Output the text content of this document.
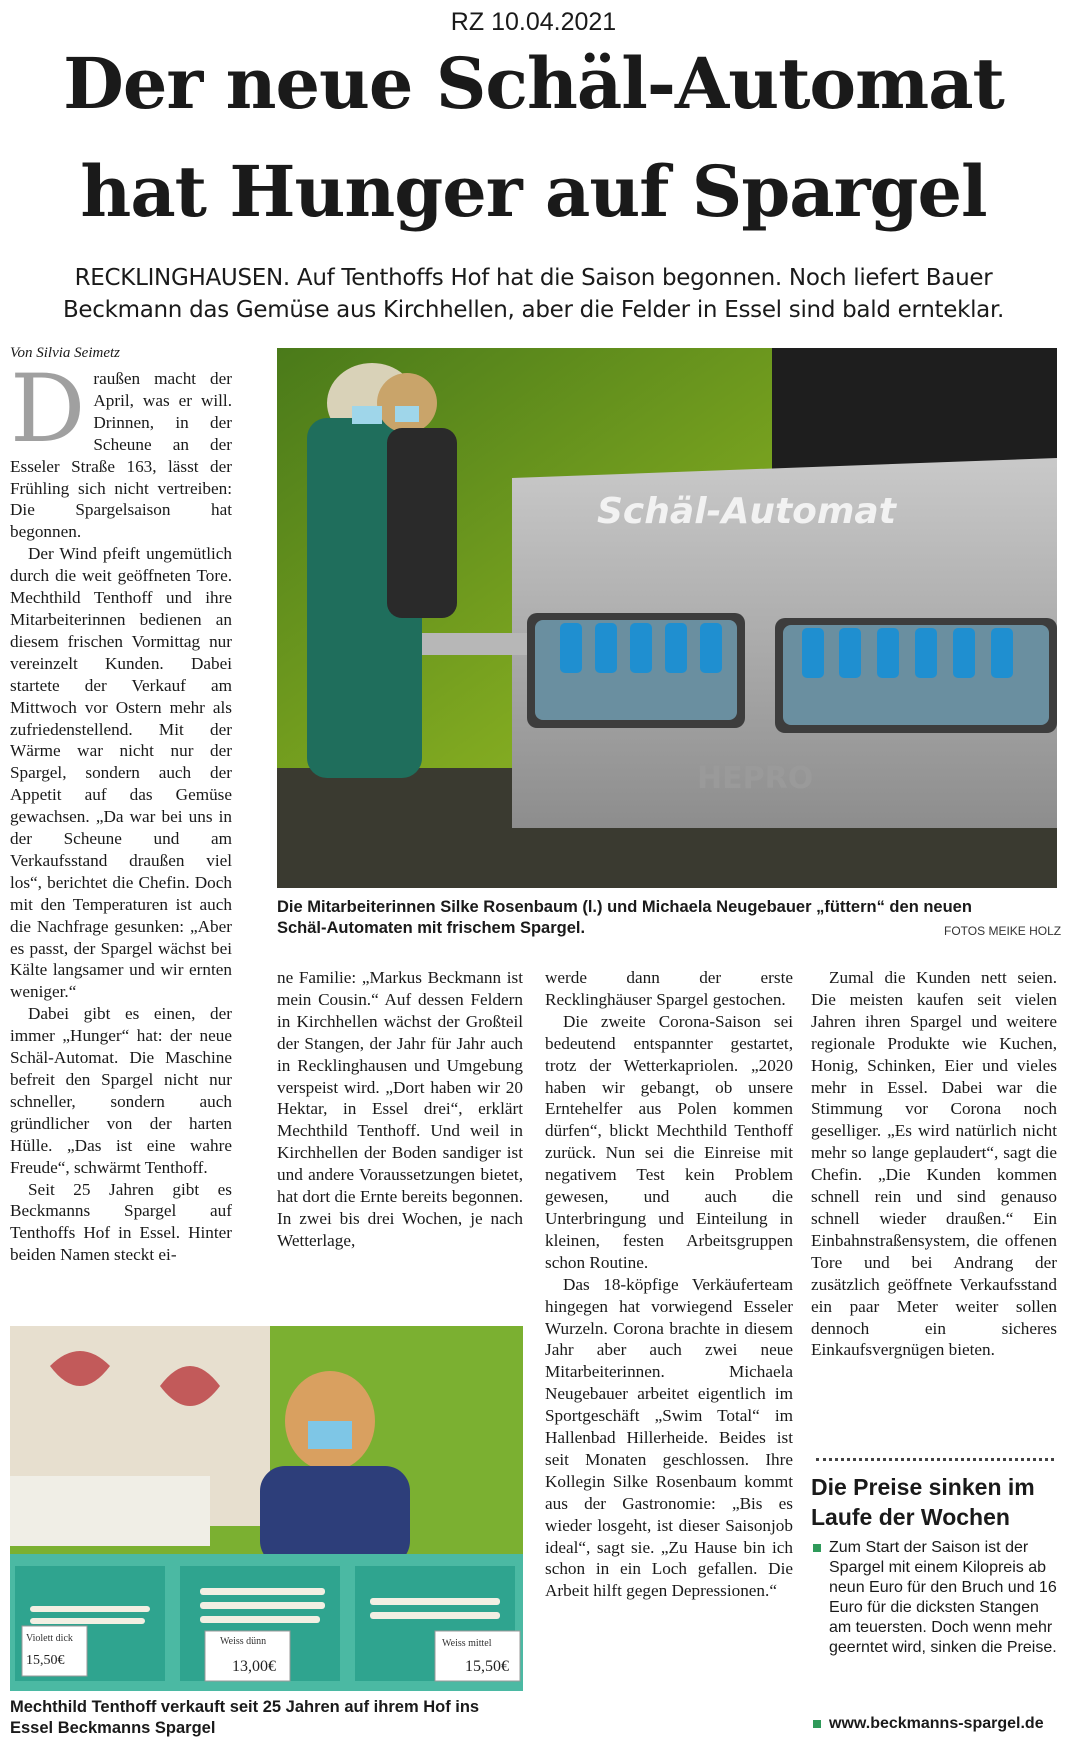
RZ 10.04.2021
Der neue Schäl-Automat
hat Hunger auf Spargel
RECKLINGHAUSEN. Auf Tenthoffs Hof hat die Saison begonnen. Noch liefert Bauer
Beckmann das Gemüse aus Kirchhellen, aber die Felder in Essel sind bald ernteklar.
Von Silvia Seimetz

Draußen macht der April, was er will. Drinnen, in der Scheune an der Esseler Straße 163, lässt der Frühling sich nicht vertreiben: Die Spargelsaison hat begonnen.

Der Wind pfeift ungemütlich durch die weit geöffneten Tore. Mechthild Tenthoff und ihre Mitarbeiterinnen bedienen an diesem frischen Vormittag nur vereinzelt Kunden. Dabei startete der Verkauf am Mittwoch vor Ostern mehr als zufriedenstellend. Mit der Wärme war nicht nur der Spargel, sondern auch der Appetit auf das Gemüse gewachsen. „Da war bei uns in der Scheune und am Verkaufsstand draußen viel los“, berichtet die Chefin. Doch mit den Temperaturen ist auch die Nachfrage gesunken: „Aber es passt, der Spargel wächst bei Kälte langsamer und wir ernten weniger.“

Dabei gibt es einen, der immer „Hunger“ hat: der neue Schäl-Automat. Die Maschine befreit den Spargel nicht nur schneller, sondern auch gründlicher von der harten Hülle. „Das ist eine wahre Freude“, schwärmt Tenthoff.

Seit 25 Jahren gibt es Beckmanns Spargel auf Tenthoffs Hof in Essel. Hinter beiden Namen steckt ei-

Schäl-Automat
HEPRO
Die Mitarbeiterinnen Silke Rosenbaum (l.) und Michaela Neugebauer „füttern“ den neuen
Schäl-Automaten mit frischem Spargel.	FOTOS MEIKE HOLZ

ne Familie: „Markus Beckmann ist mein Cousin.“ Auf dessen Feldern in Kirchhellen wächst der Großteil der Stangen, der Jahr für Jahr auch in Recklinghausen und Umgebung verspeist wird. „Dort haben wir 20 Hektar, in Essel drei“, erklärt Mechthild Tenthoff. Und weil in Kirchhellen der Boden sandiger ist und andere Voraussetzungen bietet, hat dort die Ernte bereits begonnen. In zwei bis drei Wochen, je nach Wetterlage,

Violett dick
15,50€
Weiss dünn
13,00€
Weiss mittel
15,50€
Mechthild Tenthoff verkauft seit 25 Jahren auf ihrem Hof ins
Essel Beckmanns Spargel

werde dann der erste Recklinghäuser Spargel gestochen.

Die zweite Corona-Saison sei bedeutend entspannter gestartet, trotz der Wetterkapriolen. „2020 haben wir gebangt, ob unsere Erntehelfer aus Polen kommen dürfen“, blickt Mechthild Tenthoff zurück. Nun sei die Einreise mit negativem Test kein Problem gewesen, und auch die Unterbringung und Einteilung in kleinen, festen Arbeitsgruppen schon Routine.

Das 18-köpfige Verkäuferteam hingegen hat vorwiegend Esseler Wurzeln. Corona brachte in diesem Jahr aber auch zwei neue Mitarbeiterinnen. Michaela Neugebauer arbeitet eigentlich im Sportgeschäft „Swim Total“ im Hallenbad Hillerheide. Beides ist seit Monaten geschlossen. Ihre Kollegin Silke Rosenbaum kommt aus der Gastronomie: „Bis es wieder losgeht, ist dieser Saisonjob ideal“, sagt sie. „Zu Hause bin ich schon in ein Loch gefallen. Die Arbeit hilft gegen Depressionen.“

Zumal die Kunden nett seien. Die meisten kaufen seit vielen Jahren ihren Spargel und weitere regionale Produkte wie Kuchen, Honig, Schinken, Eier und vieles mehr in Essel. Dabei war die Stimmung vor Corona noch geselliger. „Es wird natürlich nicht mehr so lange geplaudert“, sagt die Chefin. „Die Kunden kommen schnell rein und sind genauso schnell wieder draußen.“ Ein Einbahnstraßensystem, die offenen Tore und bei Andrang der zusätzlich geöffnete Verkaufsstand ein paar Meter weiter sollen dennoch ein sicheres Einkaufsvergnügen bieten.

Die Preise sinken im
Laufe der Wochen
Zum Start der Saison ist der Spargel mit einem Kilopreis ab neun Euro für den Bruch und 16 Euro für die dicksten Stangen am teuersten. Doch wenn mehr geerntet wird, sinken die Preise.
www.beckmanns-spargel.de
